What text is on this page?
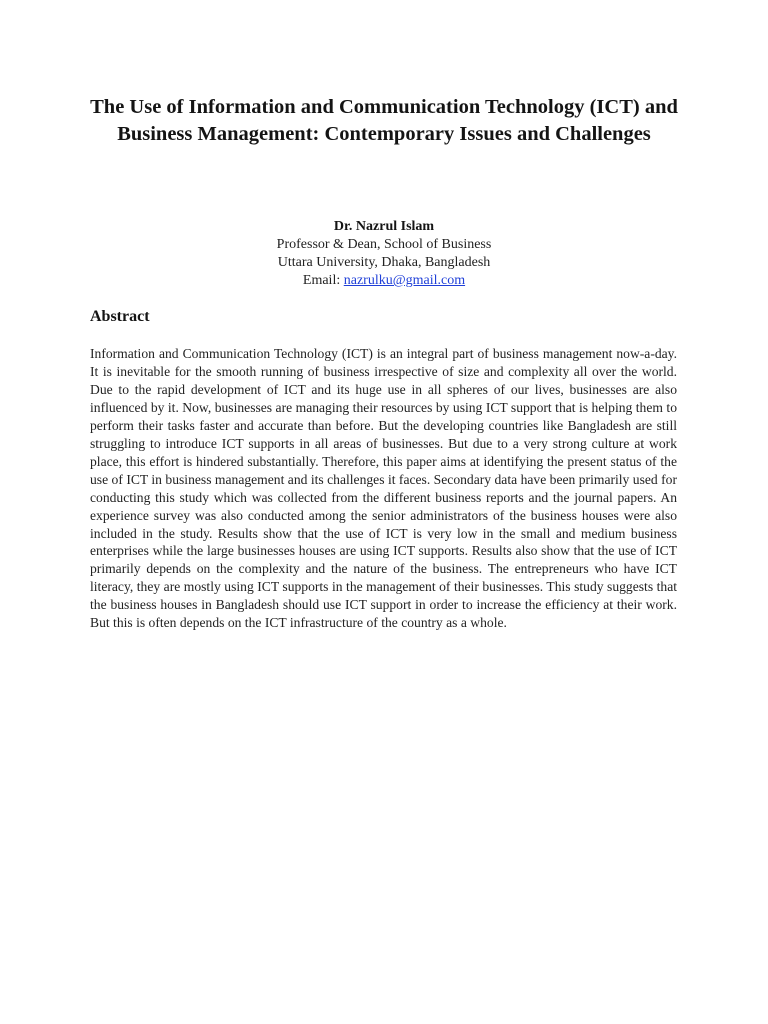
The Use of Information and Communication Technology (ICT) and Business Management: Contemporary Issues and Challenges
Dr. Nazrul Islam
Professor & Dean, School of Business
Uttara University, Dhaka, Bangladesh
Email: nazrulku@gmail.com
Abstract

Information and Communication Technology (ICT) is an integral part of business management now-a-day. It is inevitable for the smooth running of business irrespective of size and complexity all over the world. Due to the rapid development of ICT and its huge use in all spheres of our lives, businesses are also influenced by it. Now, businesses are managing their resources by using ICT support that is helping them to perform their tasks faster and accurate than before. But the developing countries like Bangladesh are still struggling to introduce ICT supports in all areas of businesses. But due to a very strong culture at work place, this effort is hindered substantially. Therefore, this paper aims at identifying the present status of the use of ICT in business management and its challenges it faces. Secondary data have been primarily used for conducting this study which was collected from the different business reports and the journal papers. An experience survey was also conducted among the senior administrators of the business houses were also included in the study. Results show that the use of ICT is very low in the small and medium business enterprises while the large businesses houses are using ICT supports. Results also show that the use of ICT primarily depends on the complexity and the nature of the business. The entrepreneurs who have ICT literacy, they are mostly using ICT supports in the management of their businesses. This study suggests that the business houses in Bangladesh should use ICT support in order to increase the efficiency at their work. But this is often depends on the ICT infrastructure of the country as a whole.
